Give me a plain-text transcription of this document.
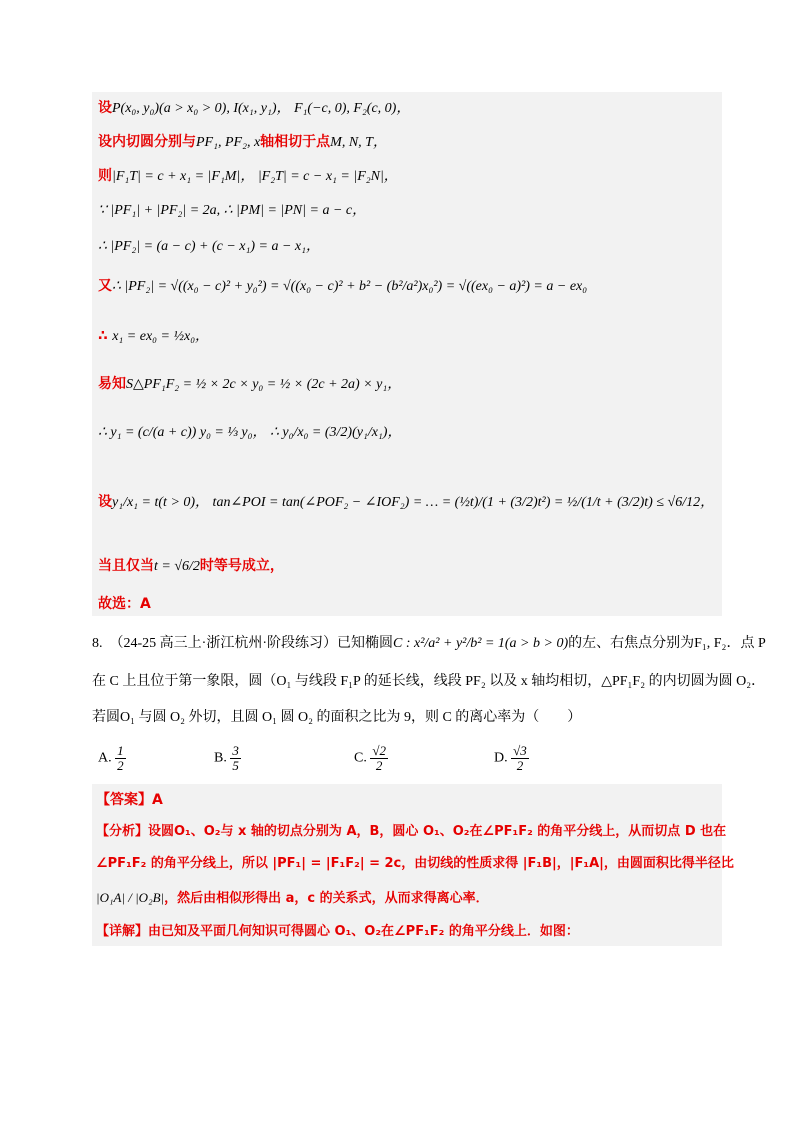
设P(x₀, y₀)(a > x₀ > 0), I(x₁, y₁)， F₁(−c, 0), F₂(c, 0)，
设内切圆分别与PF₁, PF₂, x轴相切于点M, N, T，
则|F₁T| = c + x₁ = |F₁M|， |F₂T| = c − x₁ = |F₂N|，
∵ |PF₁| + |PF₂| = 2a, ∴ |PM| = |PN| = a − c，
∴ |PF₂| = (a − c) + (c − x₁) = a − x₁，
又∴ |PF₂| = √((x₀ − c)² + y₀²) = √((x₀ − c)² + b² − (b²/a²)x₀²) = √((ex₀ − a)²) = a − ex₀
∴ x₁ = ex₀ = ½x₀，
易知S△PF₁F₂ = ½ × 2c × y₀ = ½ × (2c + 2a) × y₁，
∴ y₁ = (c/(a + c)) y₀ = ⅓ y₀， ∴ y₀/x₀ = (3/2)(y₁/x₁)，
设y₁/x₁ = t(t > 0)， tan∠POI = tan(∠POF₂ − ∠IOF₂) = … = (½t)/(1 + (3/2)t²) = ½/(1/t + (3/2)t) ≤ √6/12，
当且仅当t = √6/2时等号成立，
故选：A
8. （24-25 高三上·浙江杭州·阶段练习）已知椭圆C : x²/a² + y²/b² = 1(a > b > 0)的左、右焦点分别为F₁, F₂．点 P
在 C 上且位于第一象限，圆（O₁ 与线段 F₁P 的延长线，线段 PF₂ 以及 x 轴均相切，△PF₁F₂ 的内切圆为圆 O₂．
若圆O₁ 与圆 O₂ 外切，且圆 O₁ 圆 O₂ 的面积之比为 9，则 C 的离心率为（　　）
A. $\frac{1}{2}$	B. $\frac{3}{5}$	C. $\frac{√2}{2}$	D. $\frac{√3}{2}$
【答案】A
【分析】设圆O₁、O₂与 x 轴的切点分别为 A，B，圆心 O₁、O₂在∠PF₁F₂ 的角平分线上，从而切点 D 也在
∠PF₁F₂ 的角平分线上，所以 |PF₁| = |F₁F₂| = 2c，由切线的性质求得 |F₁B|，|F₁A|，由圆面积比得半径比
|O₁A| / |O₂B|，然后由相似形得出 a，c 的关系式，从而求得离心率．
【详解】由已知及平面几何知识可得圆心 O₁、O₂在∠PF₁F₂ 的角平分线上．如图：
